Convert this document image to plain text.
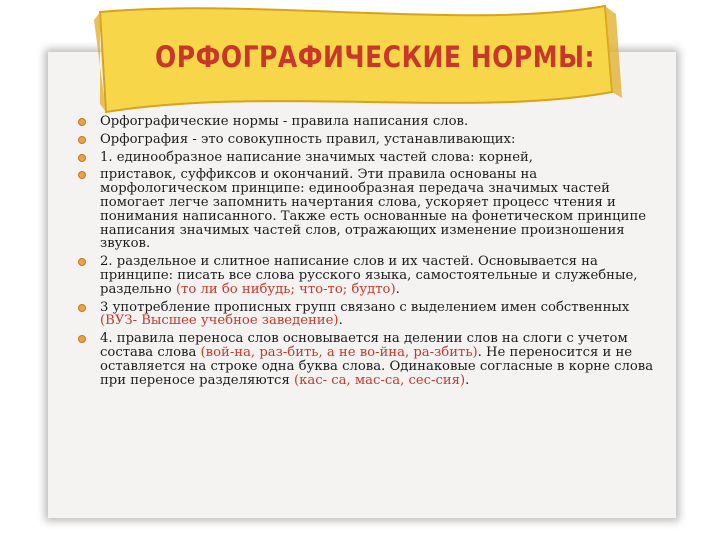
ОРФОГРАФИЧЕСКИЕ НОРМЫ:
Орфографические нормы - правила написания слов.
Орфография - это совокупность правил, устанавливающих:
1. единообразное написание значимых частей слова: корней,
приставок, суффиксов и окончаний. Эти правила основаны на морфологическом принципе: единообразная передача значимых частей помогает легче запомнить начертания слова, ускоряет процесс чтения и понимания написанного. Также есть основанные на фонетическом принципе написания значимых частей слов, отражающих изменение произношения звуков.
2. раздельное и слитное написание слов и их частей. Основывается на принципе: писать все слова русского языка, самостоятельные и служебные, раздельно (то ли бо нибудь; что-то; будто).
3 употребление прописных групп связано с выделением имен собственных (ВУЗ- Высшее учебное заведение).
4. правила переноса слов основывается на делении слов на слоги с учетом состава слова (вой-на, раз-бить, а не во-йна, ра-збить). Не переносится и не оставляется на строке одна буква слова. Одинаковые согласные в корне слова при переносе разделяются (кас- са, мас-са, сес-сия).
